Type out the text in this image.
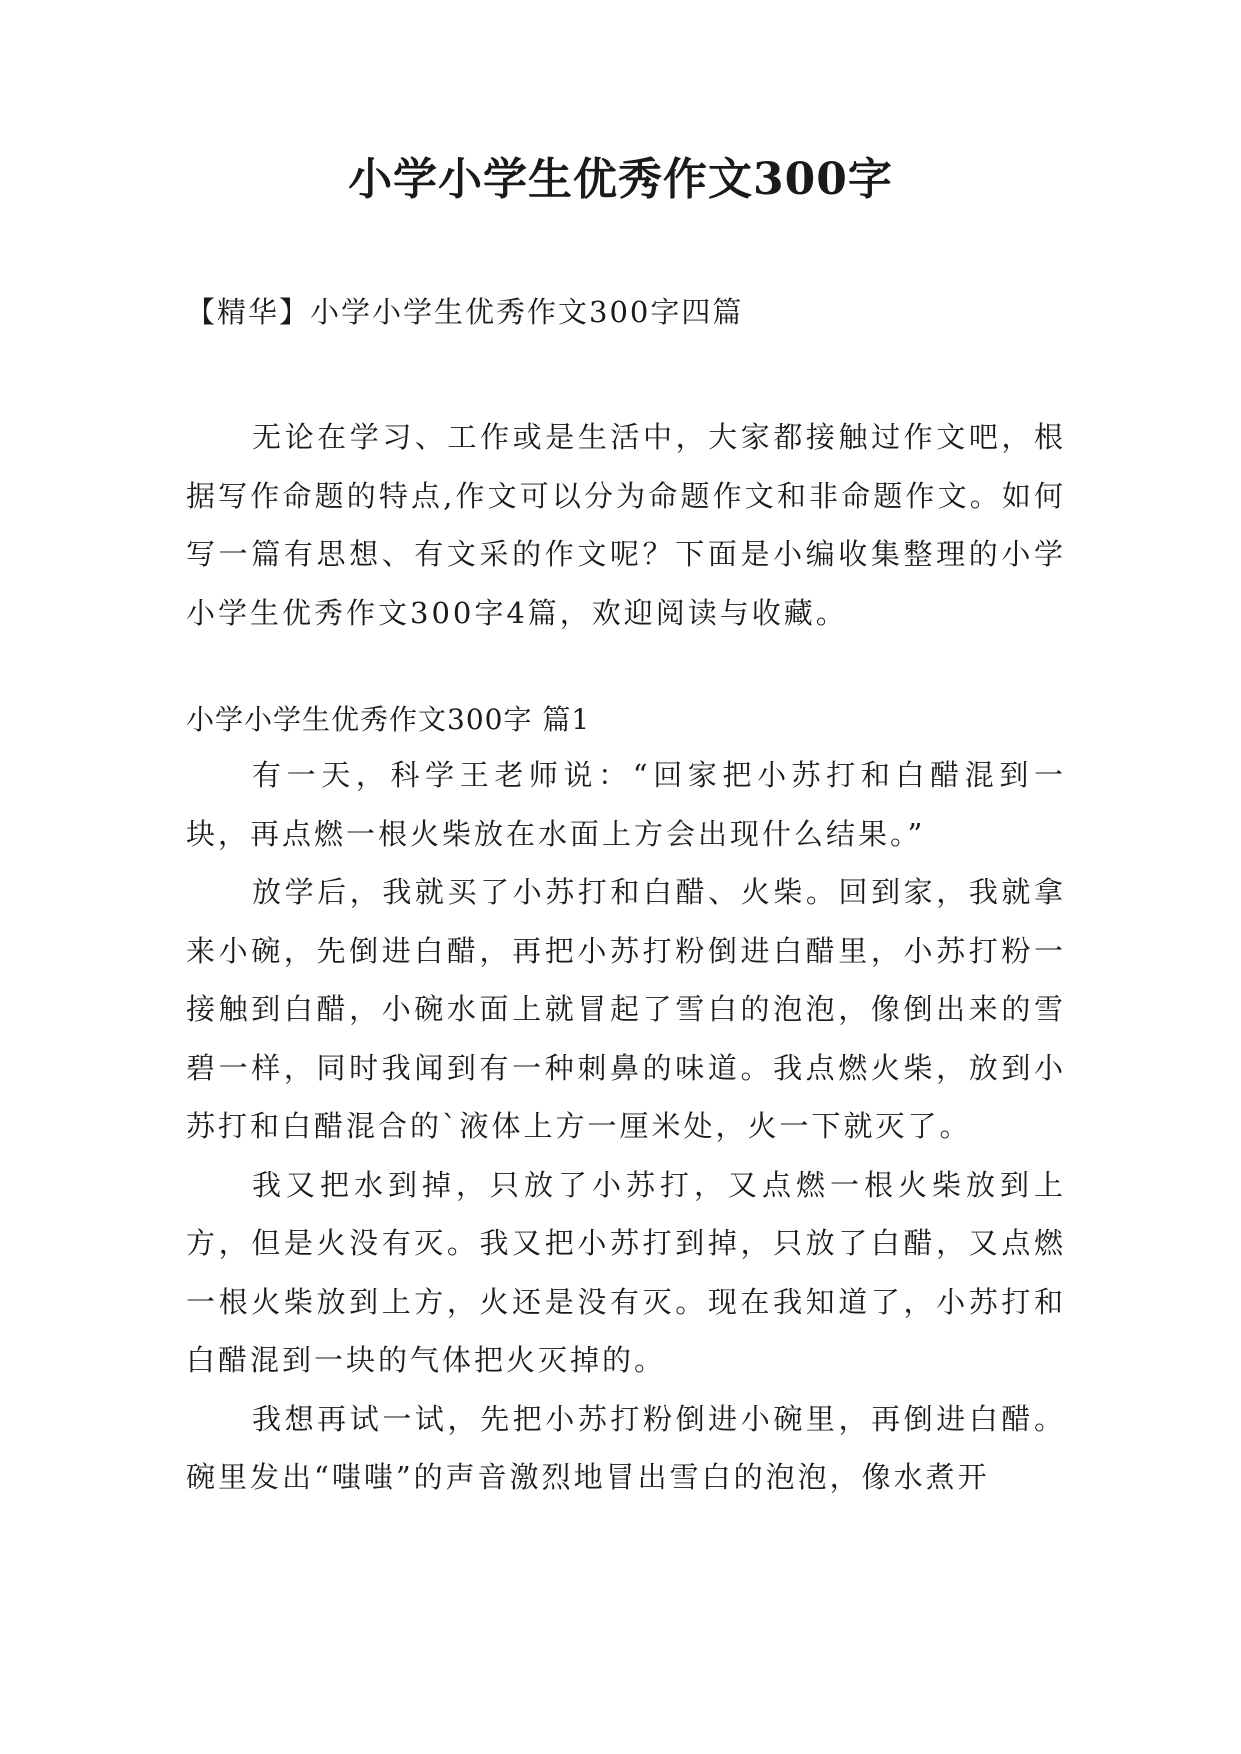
小学小学生优秀作文300字
【精华】小学小学生优秀作文300字四篇

无论在学习、工作或是生活中，大家都接触过作文吧，根据写作命题的特点,作文可以分为命题作文和非命题作文。如何写一篇有思想、有文采的作文呢？下面是小编收集整理的小学小学生优秀作文300字4篇，欢迎阅读与收藏。

小学小学生优秀作文300字 篇1

有一天，科学王老师说：“回家把小苏打和白醋混到一块，再点燃一根火柴放在水面上方会出现什么结果。”

放学后，我就买了小苏打和白醋、火柴。回到家，我就拿来小碗，先倒进白醋，再把小苏打粉倒进白醋里，小苏打粉一接触到白醋，小碗水面上就冒起了雪白的泡泡，像倒出来的雪碧一样，同时我闻到有一种刺鼻的味道。我点燃火柴，放到小苏打和白醋混合的`液体上方一厘米处，火一下就灭了。

我又把水到掉，只放了小苏打，又点燃一根火柴放到上方，但是火没有灭。我又把小苏打到掉，只放了白醋，又点燃一根火柴放到上方，火还是没有灭。现在我知道了，小苏打和白醋混到一块的气体把火灭掉的。

我想再试一试，先把小苏打粉倒进小碗里，再倒进白醋。碗里发出“嗤嗤”的声音激烈地冒出雪白的泡泡，像水煮开
